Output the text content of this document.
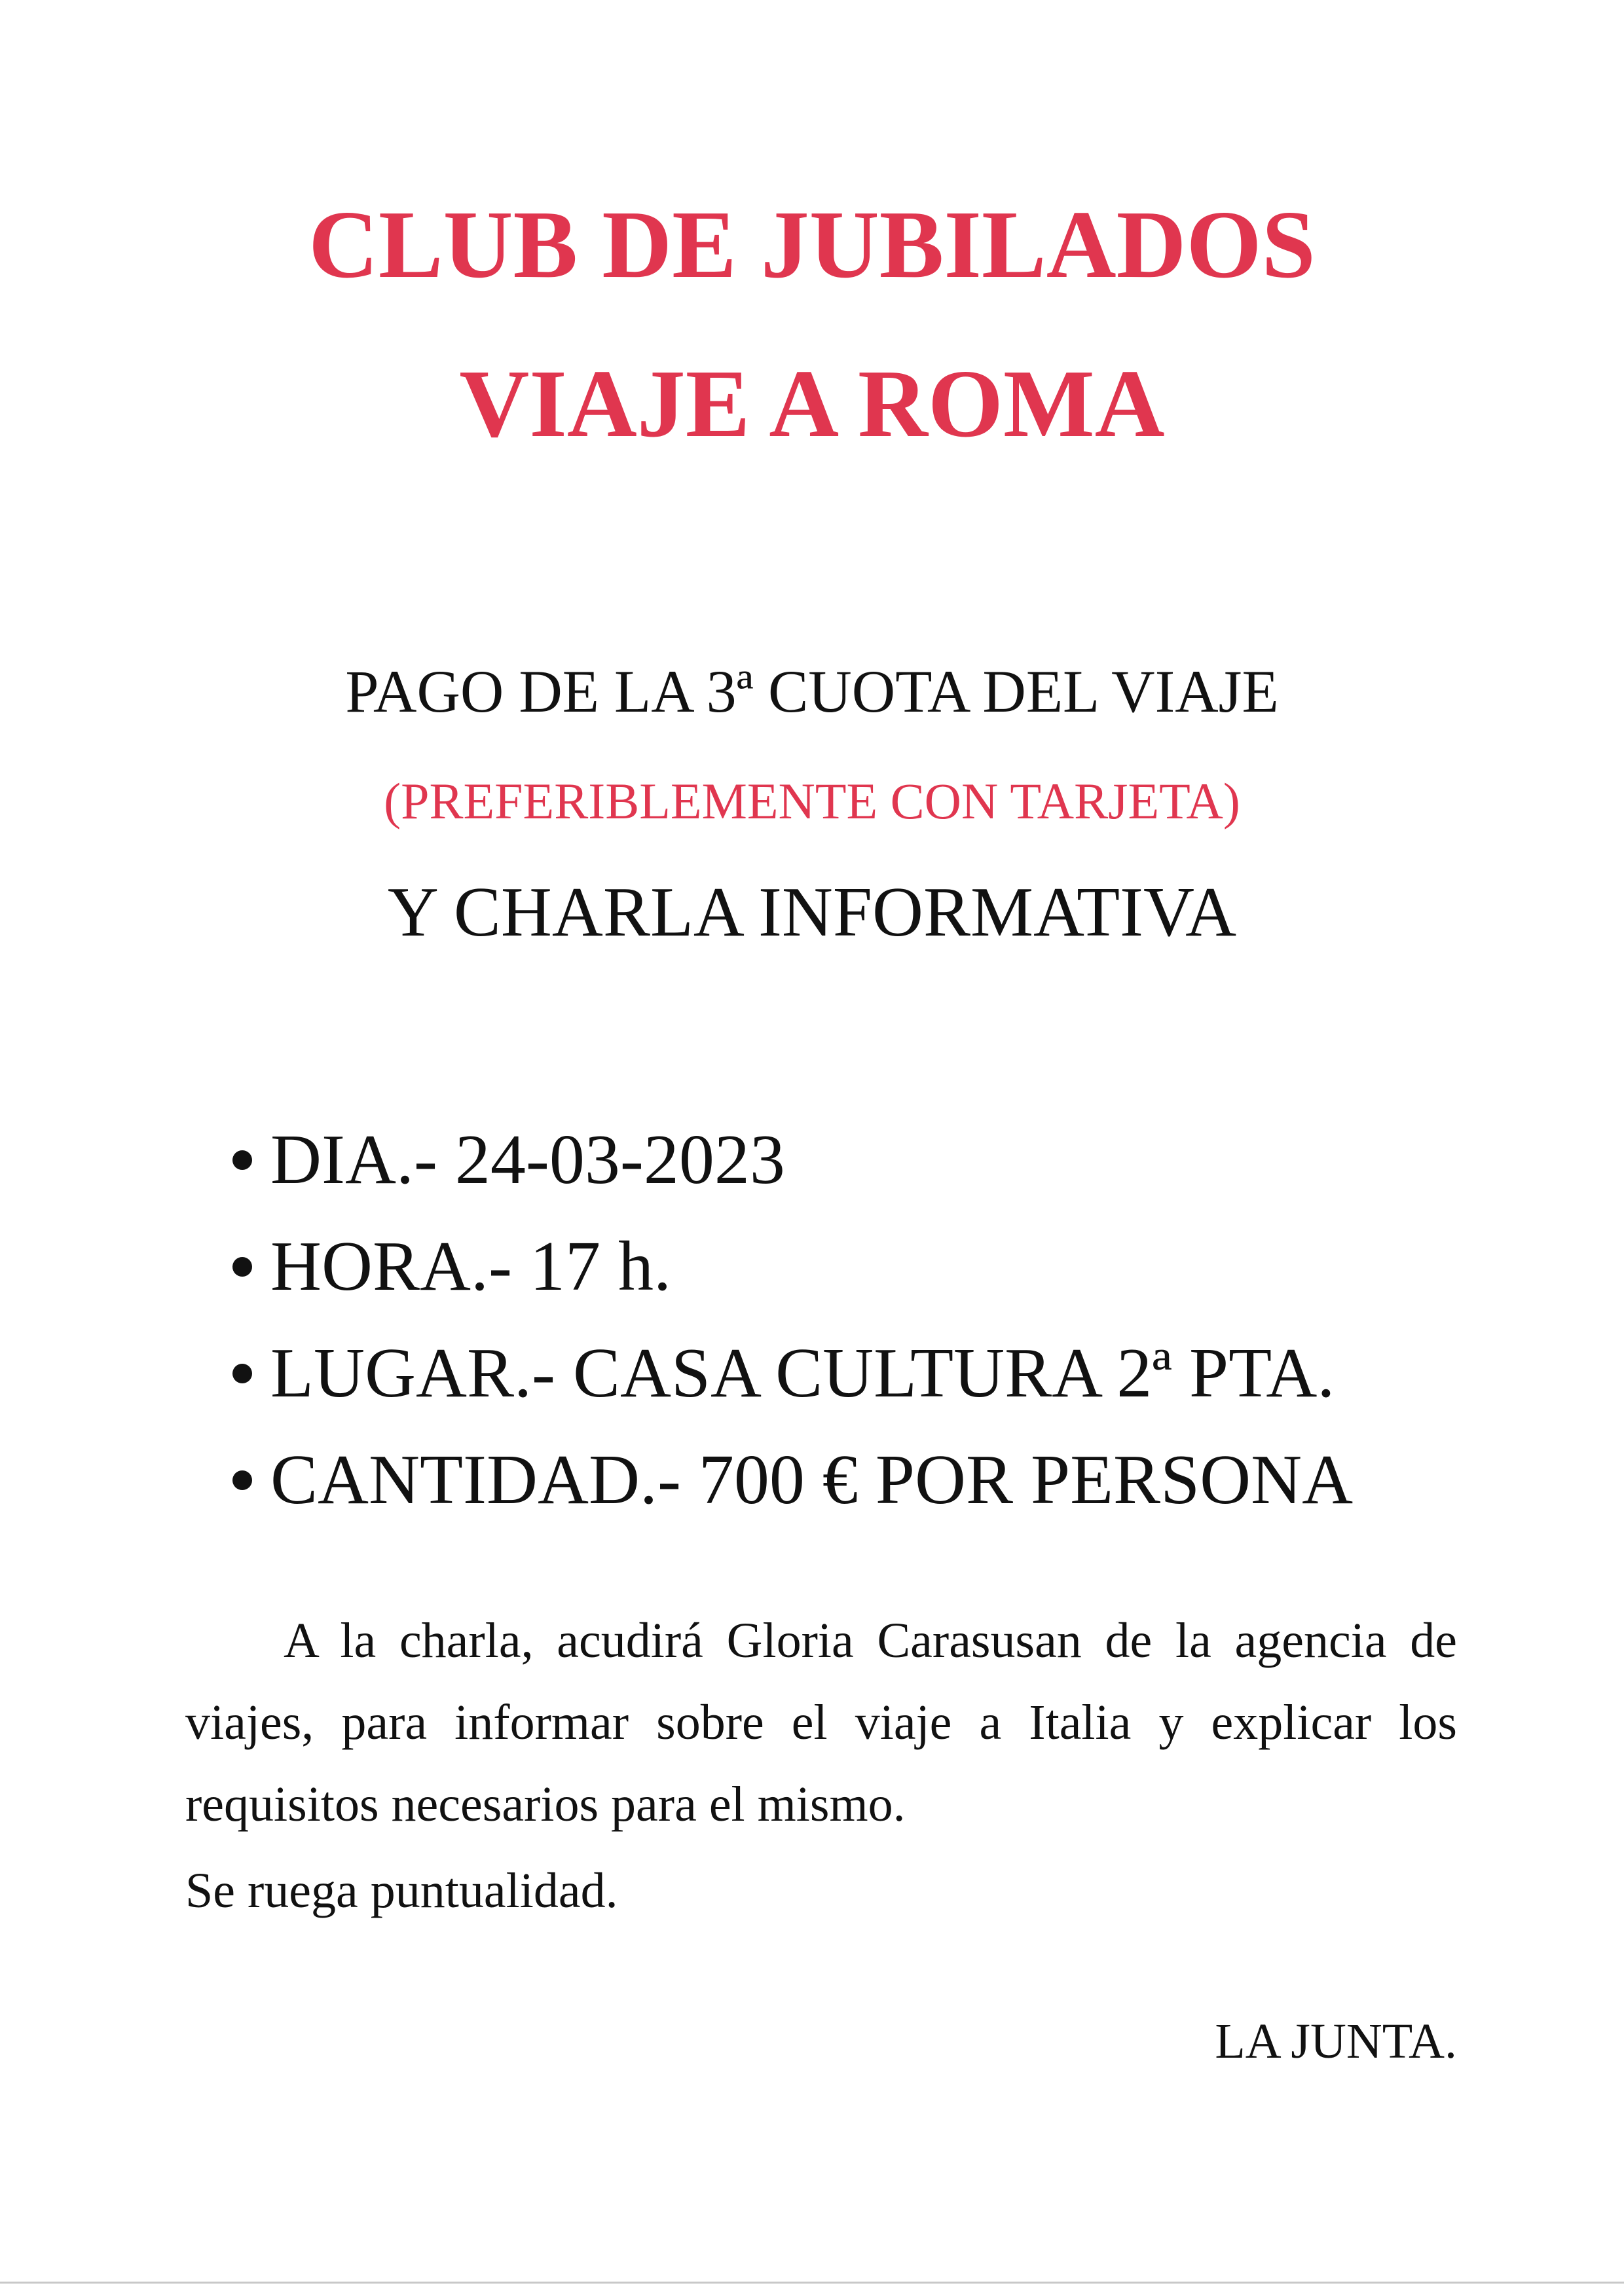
CLUB DE JUBILADOS
VIAJE A ROMA
PAGO DE LA 3ª CUOTA DEL VIAJE
(PREFERIBLEMENTE CON TARJETA)
Y CHARLA INFORMATIVA
DIA.- 24-03-2023
HORA.- 17 h.
LUGAR.- CASA CULTURA 2ª PTA.
CANTIDAD.- 700 € POR PERSONA

A la charla, acudirá Gloria Carasusan de la agencia de viajes, para informar sobre el viaje a Italia y explicar los requisitos necesarios para el mismo.

Se ruega puntualidad.

LA JUNTA.
